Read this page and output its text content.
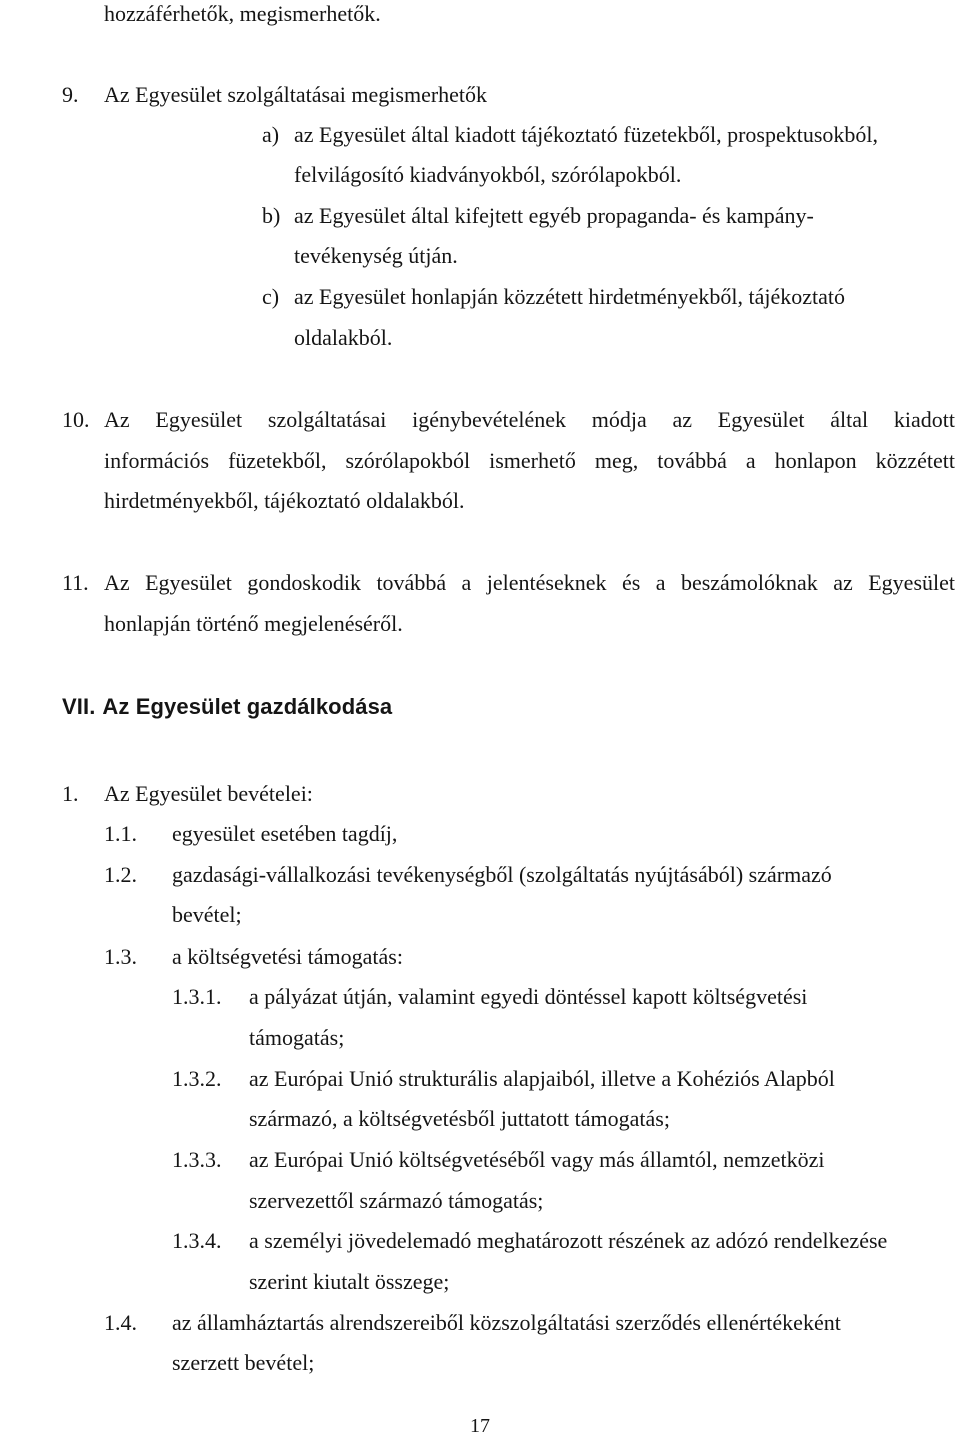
hozzáférhetők, megismerhetők.
9. Az Egyesület szolgáltatásai megismerhetők
a) az Egyesület által kiadott tájékoztató füzetekből, prospektusokból,
felvilágosító kiadványokból, szórólapokból.
b) az Egyesület által kifejtett egyéb propaganda- és kampány-
tevékenység útján.
c) az Egyesület honlapján közzétett hirdetményekből, tájékoztató
oldalakból.
10. Az Egyesület szolgáltatásai igénybevételének módja az Egyesület által kiadott
információs füzetekből, szórólapokból ismerhető meg, továbbá a honlapon közzétett
hirdetményekből, tájékoztató oldalakból.
11. Az Egyesület gondoskodik továbbá a jelentéseknek és a beszámolóknak az Egyesület
honlapján történő megjelenéséről.
VII. Az Egyesület gazdálkodása
1. Az Egyesület bevételei:
1.1. egyesület esetében tagdíj,
1.2. gazdasági-vállalkozási tevékenységből (szolgáltatás nyújtásából) származó
bevétel;
1.3. a költségvetési támogatás:
1.3.1. a pályázat útján, valamint egyedi döntéssel kapott költségvetési
támogatás;
1.3.2. az Európai Unió strukturális alapjaiból, illetve a Kohéziós Alapból
származó, a költségvetésből juttatott támogatás;
1.3.3. az Európai Unió költségvetéséből vagy más államtól, nemzetközi
szervezettől származó támogatás;
1.3.4. a személyi jövedelemadó meghatározott részének az adózó rendelkezése
szerint kiutalt összege;
1.4. az államháztartás alrendszereiből közszolgáltatási szerződés ellenértékeként
szerzett bevétel;
17
